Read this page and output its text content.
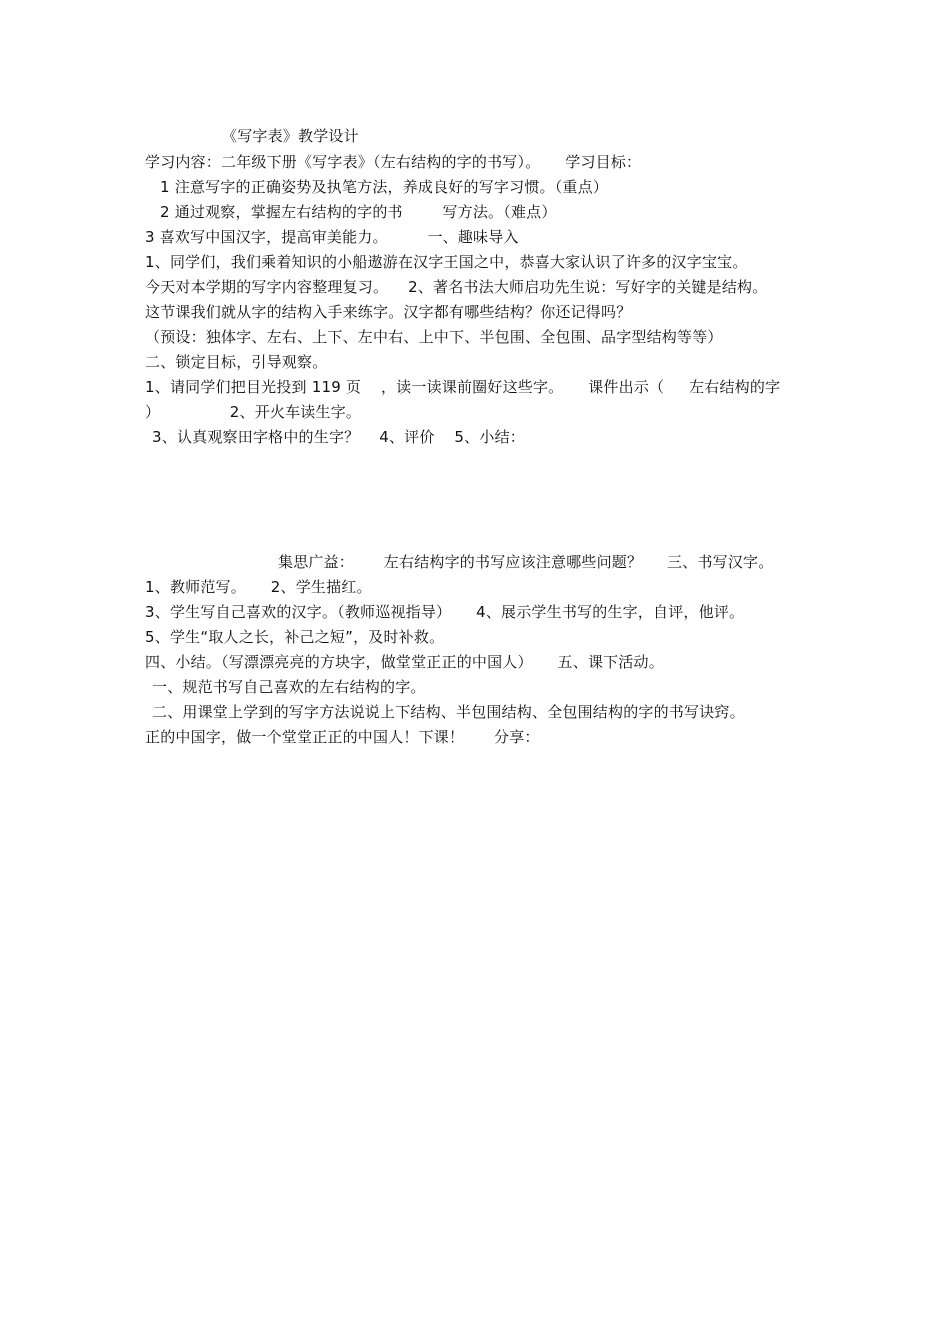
《写字表》教学设计
学习内容：二年级下册《写字表》（左右结构的字的书写）。     学习目标：
1 注意写字的正确姿势及执笔方法，养成良好的写字习惯。（重点）
2 通过观察，掌握左右结构的字的书        写方法。（难点）
3 喜欢写中国汉字，提高审美能力。        一、趣味导入
1、同学们，我们乘着知识的小船遨游在汉字王国之中，恭喜大家认识了许多的汉字宝宝。
今天对本学期的写字内容整理复习。    2、著名书法大师启功先生说：写好字的关键是结构。
这节课我们就从字的结构入手来练字。汉字都有哪些结构？你还记得吗？
（预设：独体字、左右、上下、左中右、上中下、半包围、全包围、品字型结构等等）
二、锁定目标，引导观察。
1、请同学们把目光投到 119 页    ，读一读课前圈好这些字。     课件出示（     左右结构的字
）              2、开火车读生字。
3、认真观察田字格中的生字？    4、评价    5、小结：
集思广益：      左右结构字的书写应该注意哪些问题？     三、书写汉字。
1、教师范写。     2、学生描红。
3、学生写自己喜欢的汉字。（教师巡视指导）     4、展示学生书写的生字，自评，他评。
5、学生“取人之长，补己之短”，及时补救。
四、小结。（写漂漂亮亮的方块字，做堂堂正正的中国人）     五、课下活动。
一、规范书写自己喜欢的左右结构的字。
二、用课堂上学到的写字方法说说上下结构、半包围结构、全包围结构的字的书写诀窍。
正的中国字，做一个堂堂正正的中国人！下课！      分享：
